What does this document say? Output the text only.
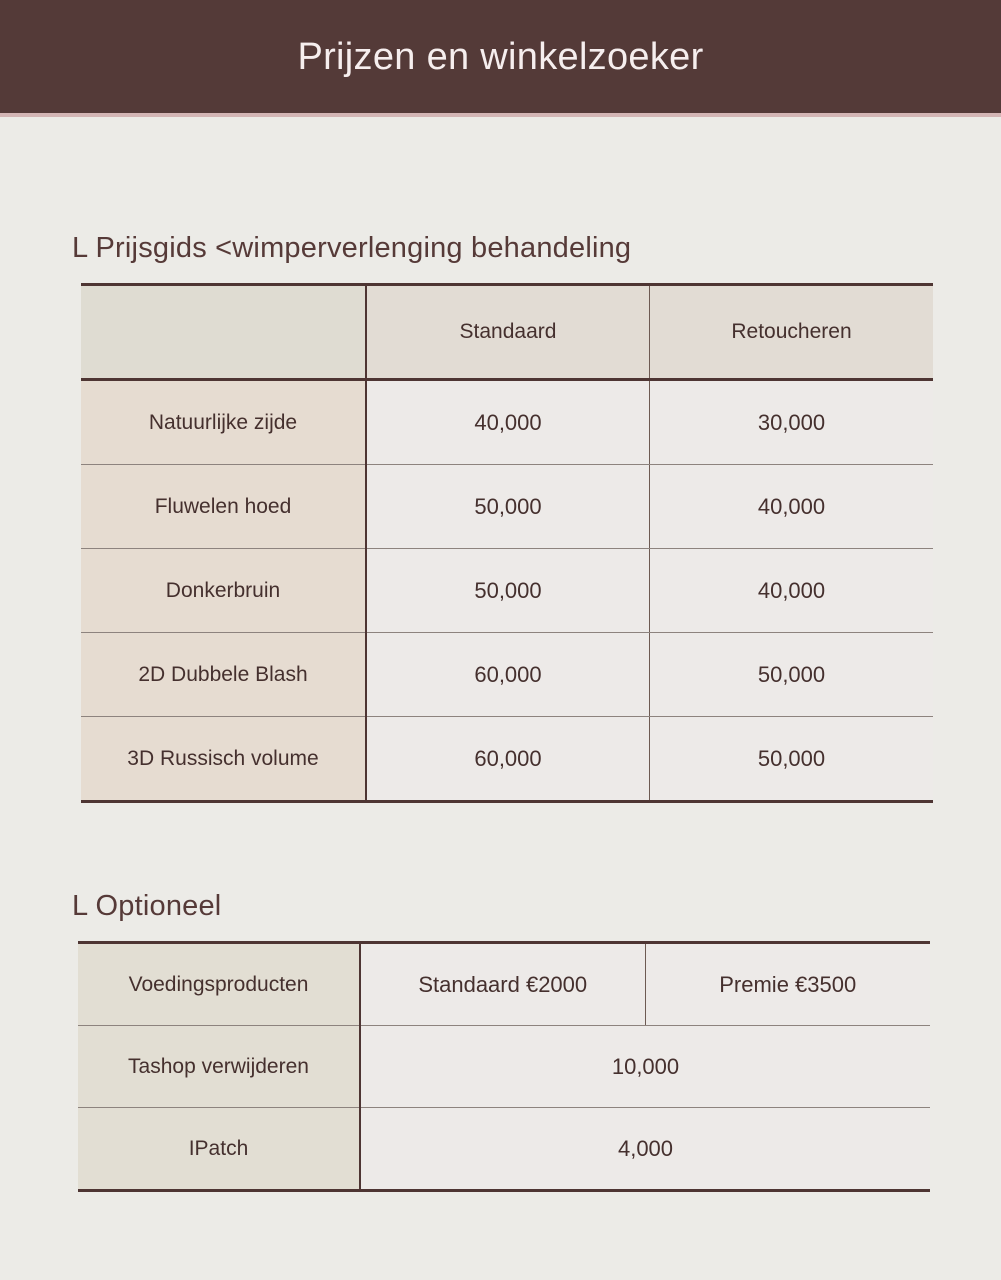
Prijzen en winkelzoeker
L Prijsgids <wimperverlenging behandeling
	Standaard	Retoucheren
Natuurlijke zijde	40,000	30,000
Fluwelen hoed	50,000	40,000
Donkerbruin	50,000	40,000
2D Dubbele Blash	60,000	50,000
3D Russisch volume	60,000	50,000
L Optioneel
Voedingsproducten	Standaard €2000	Premie €3500
Tashop verwijderen	10,000	
IPatch	4,000	
